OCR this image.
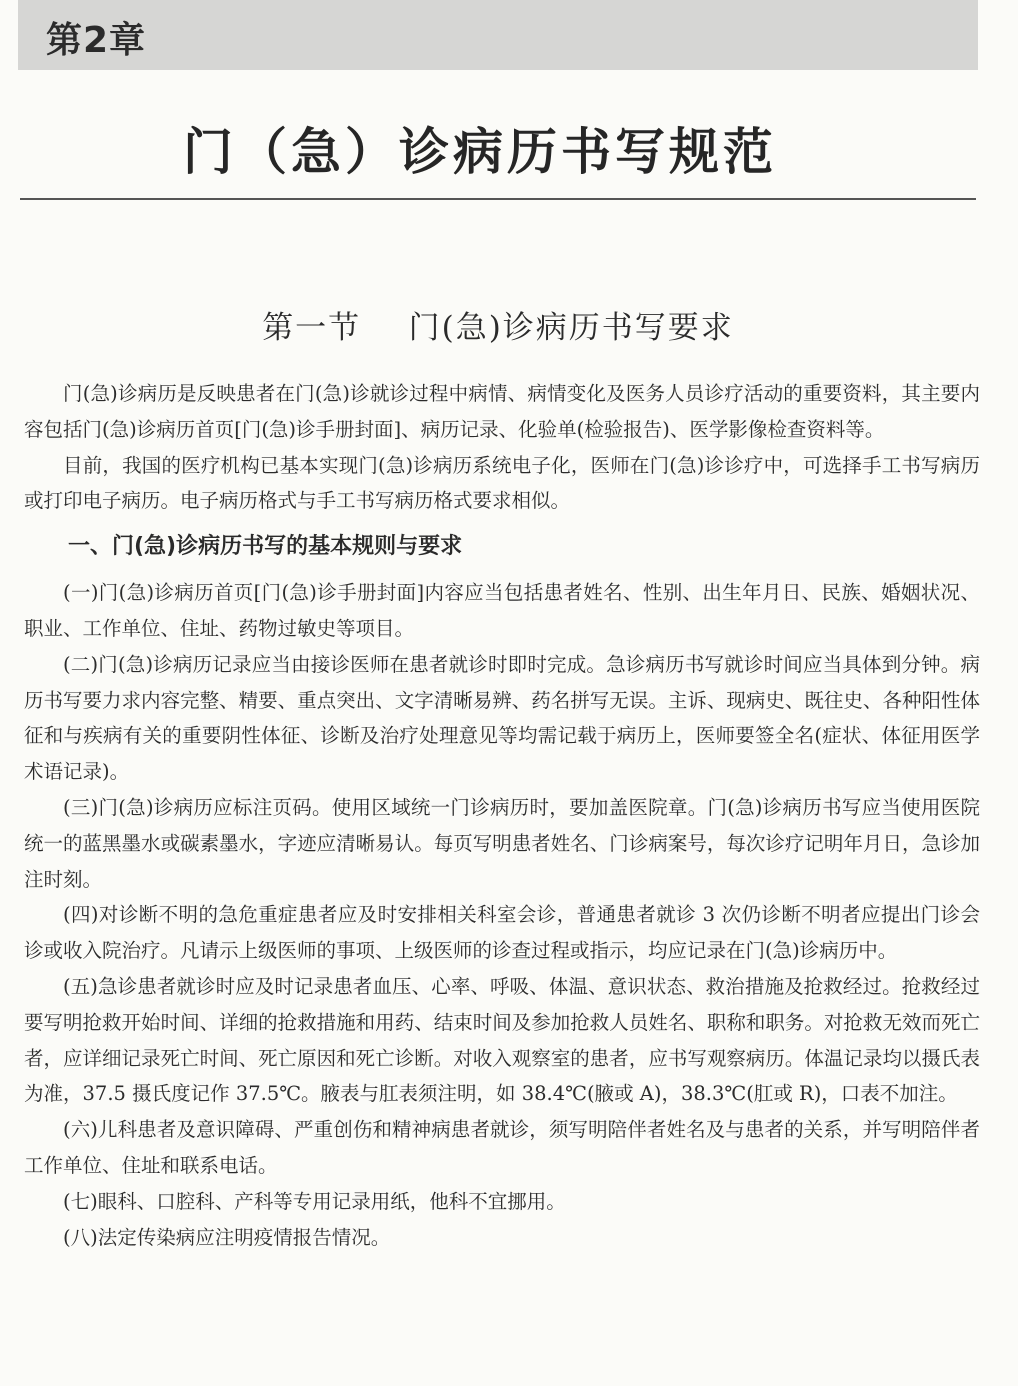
第2章
门（急）诊病历书写规范
第一节    门(急)诊病历书写要求

门(急)诊病历是反映患者在门(急)诊就诊过程中病情、病情变化及医务人员诊疗活动的重要资料，其主要内容包括门(急)诊病历首页[门(急)诊手册封面]、病历记录、化验单(检验报告)、医学影像检查资料等。

目前，我国的医疗机构已基本实现门(急)诊病历系统电子化，医师在门(急)诊诊疗中，可选择手工书写病历或打印电子病历。电子病历格式与手工书写病历格式要求相似。

一、门(急)诊病历书写的基本规则与要求

(一)门(急)诊病历首页[门(急)诊手册封面]内容应当包括患者姓名、性别、出生年月日、民族、婚姻状况、职业、工作单位、住址、药物过敏史等项目。

(二)门(急)诊病历记录应当由接诊医师在患者就诊时即时完成。急诊病历书写就诊时间应当具体到分钟。病历书写要力求内容完整、精要、重点突出、文字清晰易辨、药名拼写无误。主诉、现病史、既往史、各种阳性体征和与疾病有关的重要阴性体征、诊断及治疗处理意见等均需记载于病历上，医师要签全名(症状、体征用医学术语记录)。

(三)门(急)诊病历应标注页码。使用区域统一门诊病历时，要加盖医院章。门(急)诊病历书写应当使用医院统一的蓝黑墨水或碳素墨水，字迹应清晰易认。每页写明患者姓名、门诊病案号，每次诊疗记明年月日，急诊加注时刻。

(四)对诊断不明的急危重症患者应及时安排相关科室会诊，普通患者就诊 3 次仍诊断不明者应提出门诊会诊或收入院治疗。凡请示上级医师的事项、上级医师的诊查过程或指示，均应记录在门(急)诊病历中。

(五)急诊患者就诊时应及时记录患者血压、心率、呼吸、体温、意识状态、救治措施及抢救经过。抢救经过要写明抢救开始时间、详细的抢救措施和用药、结束时间及参加抢救人员姓名、职称和职务。对抢救无效而死亡者，应详细记录死亡时间、死亡原因和死亡诊断。对收入观察室的患者，应书写观察病历。体温记录均以摄氏表为准，37.5 摄氏度记作 37.5℃。腋表与肛表须注明，如 38.4℃(腋或 A)，38.3℃(肛或 R)，口表不加注。

(六)儿科患者及意识障碍、严重创伤和精神病患者就诊，须写明陪伴者姓名及与患者的关系，并写明陪伴者工作单位、住址和联系电话。

(七)眼科、口腔科、产科等专用记录用纸，他科不宜挪用。

(八)法定传染病应注明疫情报告情况。
